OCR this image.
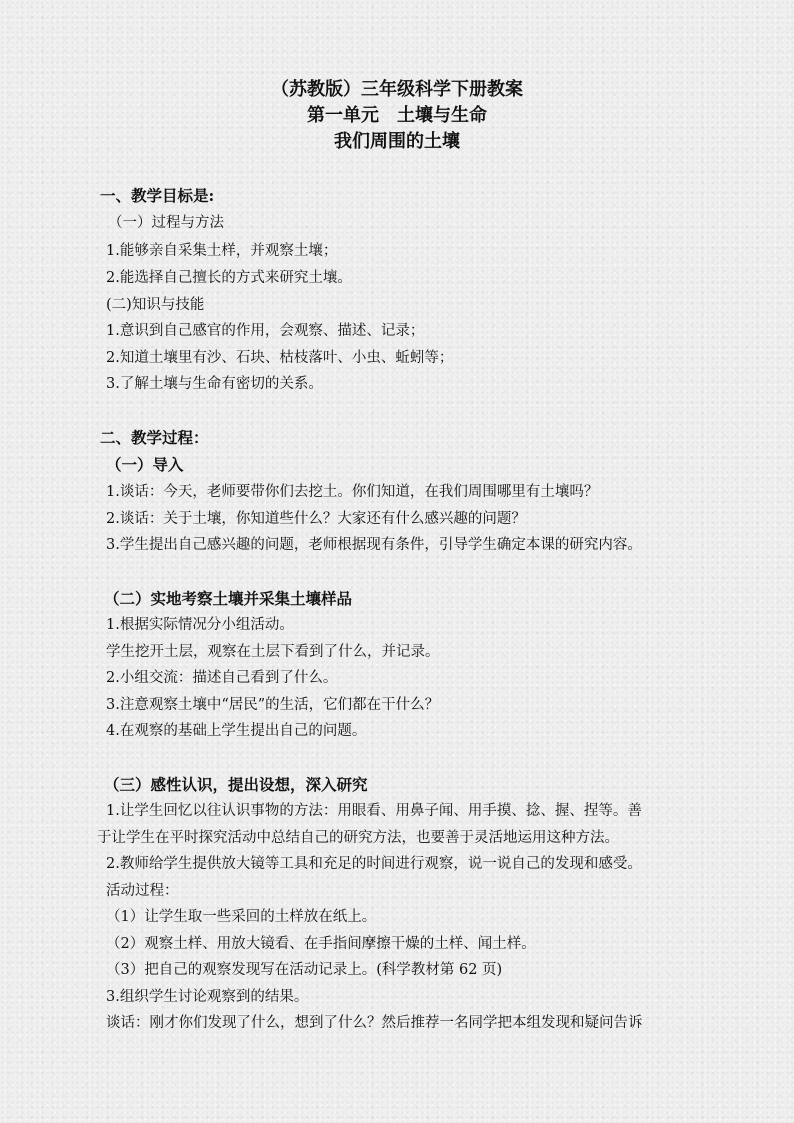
（苏教版）三年级科学下册教案
第一单元　土壤与生命
我们周围的土壤
一、教学目标是:
（一）过程与方法
1.能够亲自采集土样，并观察土壤；
2.能选择自己擅长的方式来研究土壤。
(二)知识与技能
1.意识到自己感官的作用，会观察、描述、记录；
2.知道土壤里有沙、石块、枯枝落叶、小虫、蚯蚓等；
3.了解土壤与生命有密切的关系。
二、教学过程：
（一）导入
1.谈话：今天，老师要带你们去挖土。你们知道，在我们周围哪里有土壤吗？
2.谈话：关于土壤，你知道些什么？大家还有什么感兴趣的问题？
3.学生提出自己感兴趣的问题，老师根据现有条件，引导学生确定本课的研究内容。
（二）实地考察土壤并采集土壤样品
1.根据实际情况分小组活动。
学生挖开土层，观察在土层下看到了什么，并记录。
2.小组交流：描述自己看到了什么。
3.注意观察土壤中“居民”的生活，它们都在干什么？
4.在观察的基础上学生提出自己的问题。
（三）感性认识，提出设想，深入研究
1.让学生回忆以往认识事物的方法：用眼看、用鼻子闻、用手摸、捻、握、捏等。善
于让学生在平时探究活动中总结自己的研究方法，也要善于灵活地运用这种方法。
2.教师给学生提供放大镜等工具和充足的时间进行观察，说一说自己的发现和感受。
活动过程：
（1）让学生取一些采回的土样放在纸上。
（2）观察土样、用放大镜看、在手指间摩擦干燥的土样、闻土样。
（3）把自己的观察发现写在活动记录上。(科学教材第 62 页)
3.组织学生讨论观察到的结果。
谈话：刚才你们发现了什么，想到了什么？然后推荐一名同学把本组发现和疑问告诉
